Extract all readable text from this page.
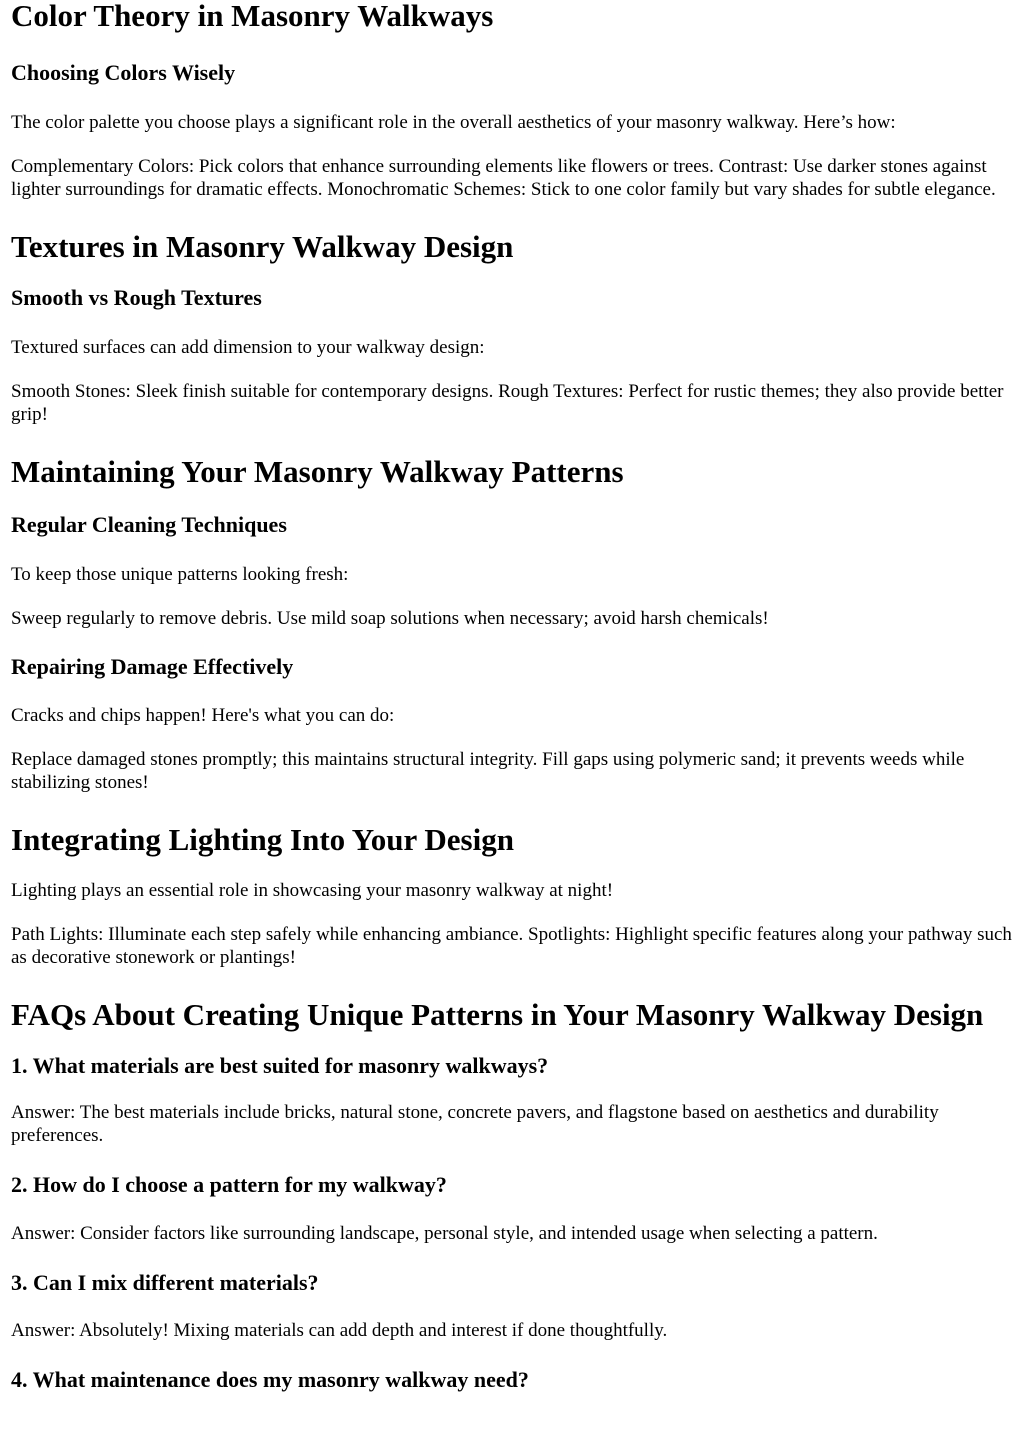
Color Theory in Masonry Walkways
Choosing Colors Wisely

The color palette you choose plays a significant role in the overall aesthetics of your masonry walkway. Here’s how:

Complementary Colors: Pick colors that enhance surrounding elements like flowers or trees. Contrast: Use darker stones against lighter surroundings for dramatic effects. Monochromatic Schemes: Stick to one color family but vary shades for subtle elegance.

Textures in Masonry Walkway Design
Smooth vs Rough Textures

Textured surfaces can add dimension to your walkway design:

Smooth Stones: Sleek finish suitable for contemporary designs. Rough Textures: Perfect for rustic themes; they also provide better grip!

Maintaining Your Masonry Walkway Patterns
Regular Cleaning Techniques

To keep those unique patterns looking fresh:

Sweep regularly to remove debris. Use mild soap solutions when necessary; avoid harsh chemicals!

Repairing Damage Effectively

Cracks and chips happen! Here's what you can do:

Replace damaged stones promptly; this maintains structural integrity. Fill gaps using polymeric sand; it prevents weeds while stabilizing stones!

Integrating Lighting Into Your Design

Lighting plays an essential role in showcasing your masonry walkway at night!

Path Lights: Illuminate each step safely while enhancing ambiance. Spotlights: Highlight specific features along your pathway such as decorative stonework or plantings!

FAQs About Creating Unique Patterns in Your Masonry Walkway Design
1. What materials are best suited for masonry walkways?

Answer: The best materials include bricks, natural stone, concrete pavers, and flagstone based on aesthetics and durability preferences.

2. How do I choose a pattern for my walkway?

Answer: Consider factors like surrounding landscape, personal style, and intended usage when selecting a pattern.

3. Can I mix different materials?

Answer: Absolutely! Mixing materials can add depth and interest if done thoughtfully.

4. What maintenance does my masonry walkway need?
